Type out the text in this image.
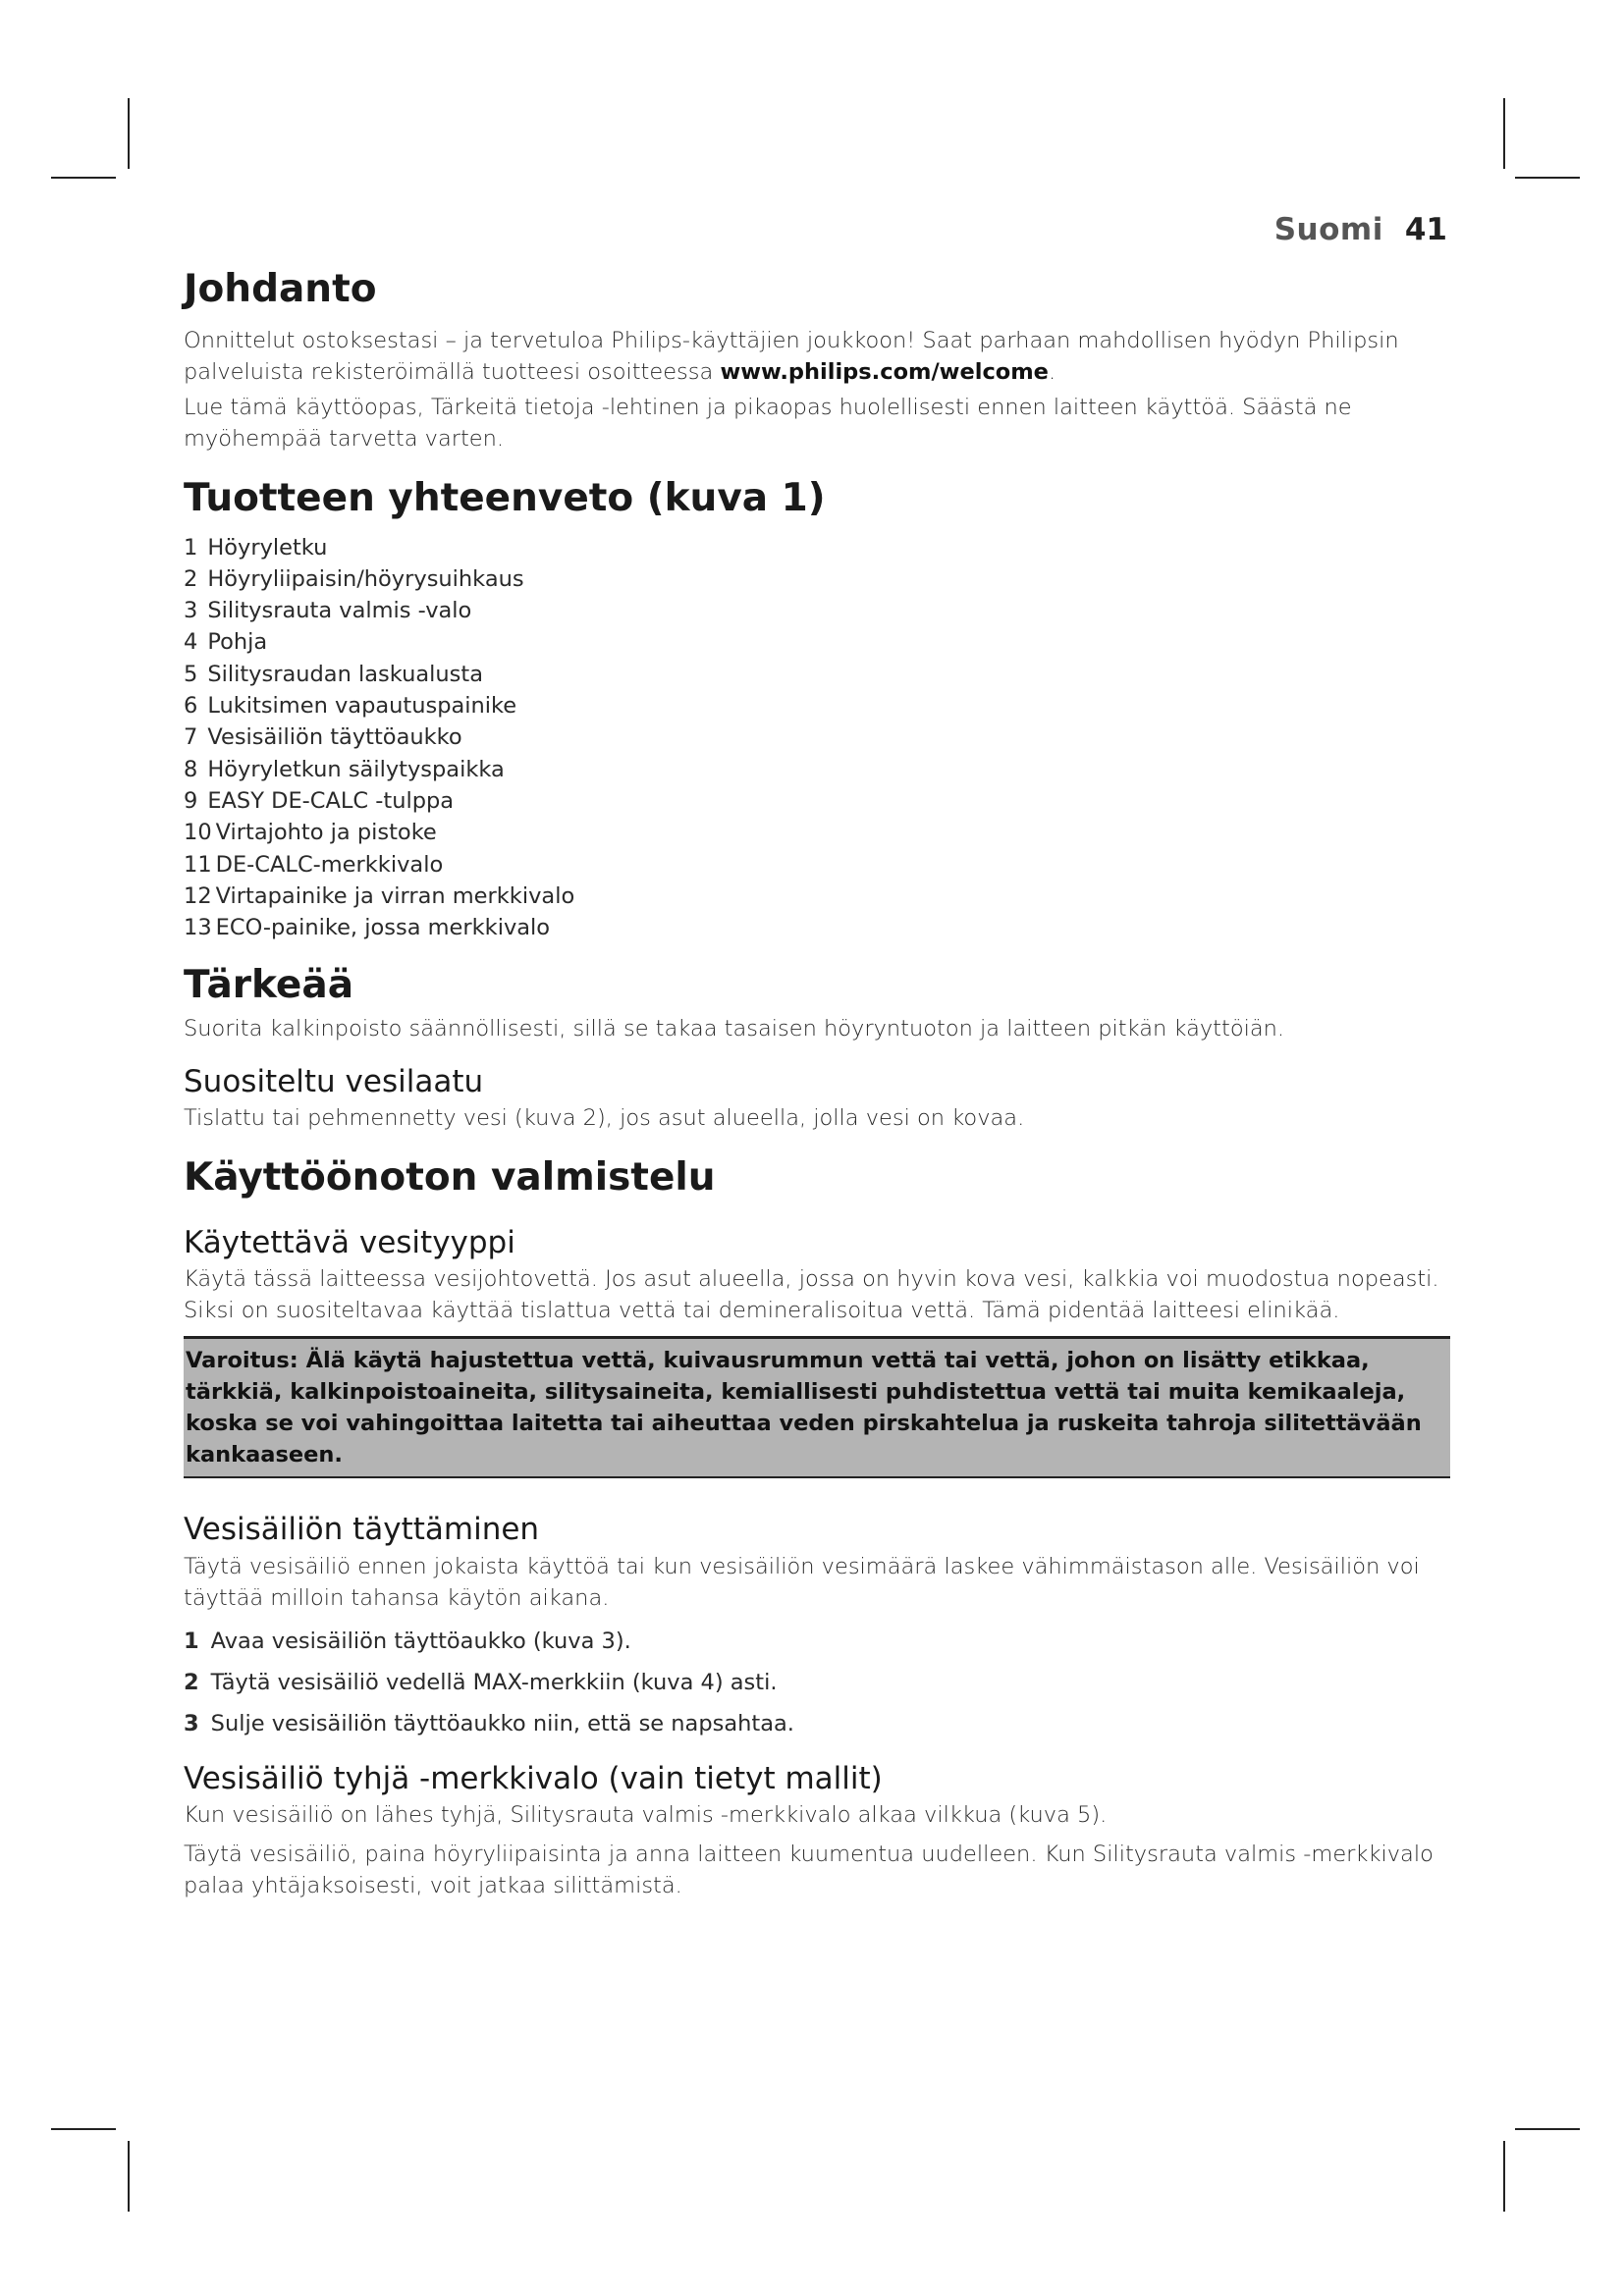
Suomi 41
Johdanto

Onnittelut ostoksestasi – ja tervetuloa Philips-käyttäjien joukkoon! Saat parhaan mahdollisen hyödyn Philipsin palveluista rekisteröimällä tuotteesi osoitteessa www.philips.com/welcome.

Lue tämä käyttöopas, Tärkeitä tietoja -lehtinen ja pikaopas huolellisesti ennen laitteen käyttöä. Säästä ne myöhempää tarvetta varten.

Tuotteen yhteenveto (kuva 1)
1 Höyryletku
2 Höyryliipaisin/höyrysuihkaus
3 Silitysrauta valmis -valo
4 Pohja
5 Silitysraudan laskualusta
6 Lukitsimen vapautuspainike
7 Vesisäiliön täyttöaukko
8 Höyryletkun säilytyspaikka
9 EASY DE-CALC -tulppa
10 Virtajohto ja pistoke
11 DE-CALC-merkkivalo
12 Virtapainike ja virran merkkivalo
13 ECO-painike, jossa merkkivalo
Tärkeää

Suorita kalkinpoisto säännöllisesti, sillä se takaa tasaisen höyryntuoton ja laitteen pitkän käyttöiän.

Suositeltu vesilaatu

Tislattu tai pehmennetty vesi (kuva 2), jos asut alueella, jolla vesi on kovaa.

Käyttöönoton valmistelu
Käytettävä vesityyppi

Käytä tässä laitteessa vesijohtovettä. Jos asut alueella, jossa on hyvin kova vesi, kalkkia voi muodostua nopeasti. Siksi on suositeltavaa käyttää tislattua vettä tai demineralisoitua vettä. Tämä pidentää laitteesi elinikää.

Varoitus: Älä käytä hajustettua vettä, kuivausrummun vettä tai vettä, johon on lisätty etikkaa, tärkkiä, kalkinpoistoaineita, silitysaineita, kemiallisesti puhdistettua vettä tai muita kemikaaleja, koska se voi vahingoittaa laitetta tai aiheuttaa veden pirskahtelua ja ruskeita tahroja silitettävään kankaaseen.

Vesisäiliön täyttäminen

Täytä vesisäiliö ennen jokaista käyttöä tai kun vesisäiliön vesimäärä laskee vähimmäistason alle. Vesisäiliön voi täyttää milloin tahansa käytön aikana.

1 Avaa vesisäiliön täyttöaukko (kuva 3).
2 Täytä vesisäiliö vedellä MAX-merkkiin (kuva 4) asti.
3 Sulje vesisäiliön täyttöaukko niin, että se napsahtaa.
Vesisäiliö tyhjä -merkkivalo (vain tietyt mallit)

Kun vesisäiliö on lähes tyhjä, Silitysrauta valmis -merkkivalo alkaa vilkkua (kuva 5).

Täytä vesisäiliö, paina höyryliipaisinta ja anna laitteen kuumentua uudelleen. Kun Silitysrauta valmis -merkkivalo palaa yhtäjaksoisesti, voit jatkaa silittämistä.
